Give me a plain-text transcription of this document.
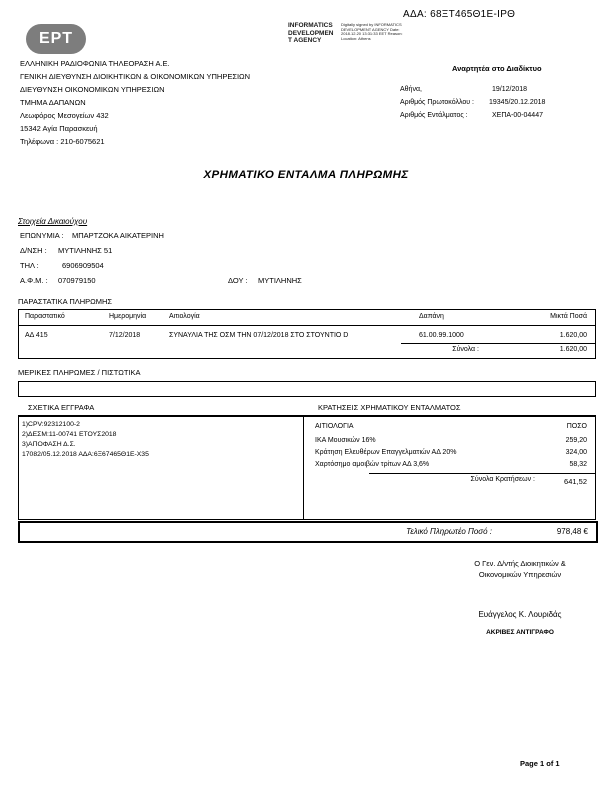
EPT
ΑΔΑ: 68ΞΤ465Θ1Ε-ΙΡΘ
INFORMATICS
DEVELOPMEN
T AGENCY
Digitally signed by INFORMATICS DEVELOPMENT AGENCY Date: 2018.12.20 13:31:33 EET Reason: Location: Athens
ΕΛΛΗΝΙΚΗ ΡΑΔΙΟΦΩΝΙΑ ΤΗΛΕΟΡΑΣΗ Α.Ε.
ΓΕΝΙΚΗ ΔΙΕΥΘΥΝΣΗ ΔΙΟΙΚΗΤΙΚΩΝ & ΟΙΚΟΝΟΜΙΚΩΝ ΥΠΗΡΕΣΙΩΝ
ΔΙΕΥΘΥΝΣΗ ΟΙΚΟΝΟΜΙΚΩΝ ΥΠΗΡΕΣΙΩΝ
ΤΜΗΜΑ ΔΑΠΑΝΩΝ
Λεωφόρος Μεσογείων 432
15342 Αγία Παρασκευή
Τηλέφωνα : 210-6075621
Αναρτητέα στο Διαδίκτυο
Αθήνα,	19/12/2018
Αριθμός Πρωτοκόλλου : 19345/20.12.2018
Αριθμός Εντάλματος :	ΧΕΠΑ-00-04447
ΧΡΗΜΑΤΙΚΟ ΕΝΤΑΛΜΑ ΠΛΗΡΩΜΗΣ
Στοιχεία Δικαιούχου
ΕΠΩΝΥΜΙΑ : ΜΠΑΡΤΖΟΚΑ ΑΙΚΑΤΕΡΙΝΗ
Δ/ΝΣΗ : ΜΥΤΙΛΗΝΗΣ 51
ΤΗΛ :	6906909504
Α.Φ.Μ. : 070979150	ΔΟΥ : ΜΥΤΙΛΗΝΗΣ
ΠΑΡΑΣΤΑΤΙΚΑ ΠΛΗΡΩΜΗΣ
Παραστατικό	Ημερομηνία	Αιτιολογία	Δαπάνη	Μικτά Ποσά
ΑΔ 415	7/12/2018	ΣΥΝΑΥΛΙΑ ΤΗΣ ΟΣΜ ΤΗΝ 07/12/2018 ΣΤΟ ΣΤΟΥΝΤΙΟ D	61.00.99.1000	1.620,00
Σύνολα :	1.620,00
ΜΕΡΙΚΕΣ ΠΛΗΡΩΜΕΣ / ΠΙΣΤΩΤΙΚΑ
ΣΧΕΤΙΚΑ ΕΓΓΡΑΦΑ	ΚΡΑΤΗΣΕΙΣ ΧΡΗΜΑΤΙΚΟΥ ΕΝΤΑΛΜΑΤΟΣ
1)CPV:92312100-2
2)ΔΕΣΜ:11-00741 ΕΤΟΥΣ2018
3)ΑΠΟΦΑΣΗ Δ.Σ.
17082/05.12.2018 ΑΔΑ:6Ξ67465Θ1Ε-Χ35
ΑΙΤΙΟΛΟΓΙΑ	ΠΟΣΟ
ΙΚΑ Μουσικών 16%	259,20
Κράτηση Ελευθέρων Επαγγελματιών ΑΔ 20%	324,00
Χαρτόσημο αμοιβών τρίτων ΑΔ 3,6%	58,32
Σύνολα Κρατήσεων :	641,52
Τελικό Πληρωτέο Ποσό :	978,48 €
Ο Γεν. Δ/ντής Διοικητικών &
Οικονομικών Υπηρεσιών
Ευάγγελος Κ. Λουριδάς
ΑΚΡΙΒΕΣ ΑΝΤΙΓΡΑΦΟ
Page 1 of 1
